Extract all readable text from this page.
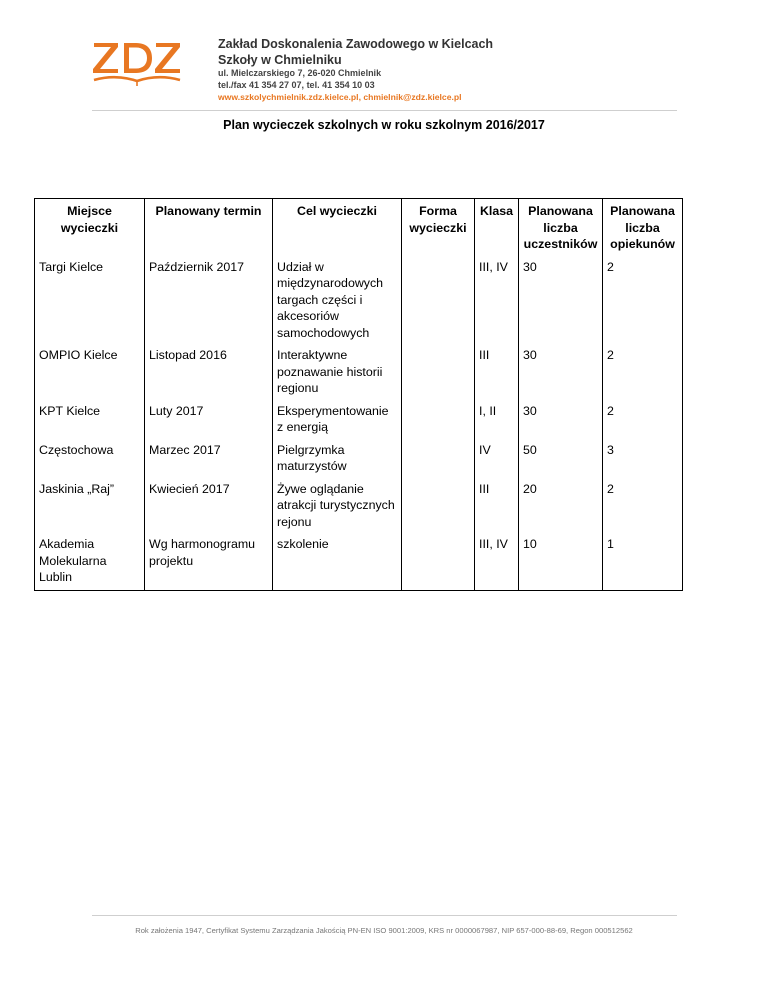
Zakład Doskonalenia Zawodowego w Kielcach
Szkoły w Chmielniku
ul. Mielczarskiego 7, 26-020 Chmielnik
tel./fax 41 354 27 07, tel. 41 354 10 03
www.szkolychmielnik.zdz.kielce.pl, chmielnik@zdz.kielce.pl
Plan wycieczek szkolnych w roku szkolnym 2016/2017
Miejsce wycieczki	Planowany termin	Cel wycieczki	Forma wycieczki	Klasa	Planowana liczba uczestników	Planowana liczba opiekunów
Targi Kielce	Październik 2017	Udział w międzynarodowych targach części i akcesoriów samochodowych		III, IV	30	2
OMPIO Kielce	Listopad 2016	Interaktywne poznawanie historii regionu		III	30	2
KPT Kielce	Luty 2017	Eksperymentowanie z energią		I, II	30	2
Częstochowa	Marzec 2017	Pielgrzymka maturzystów		IV	50	3
Jaskinia „Raj”	Kwiecień 2017	Żywe oglądanie atrakcji turystycznych rejonu		III	20	2
Akademia Molekularna Lublin	Wg harmonogramu projektu	szkolenie		III, IV	10	1
Rok założenia 1947, Certyfikat Systemu Zarządzania Jakością PN-EN ISO 9001:2009, KRS nr 0000067987, NIP 657-000-88-69, Regon 000512562
